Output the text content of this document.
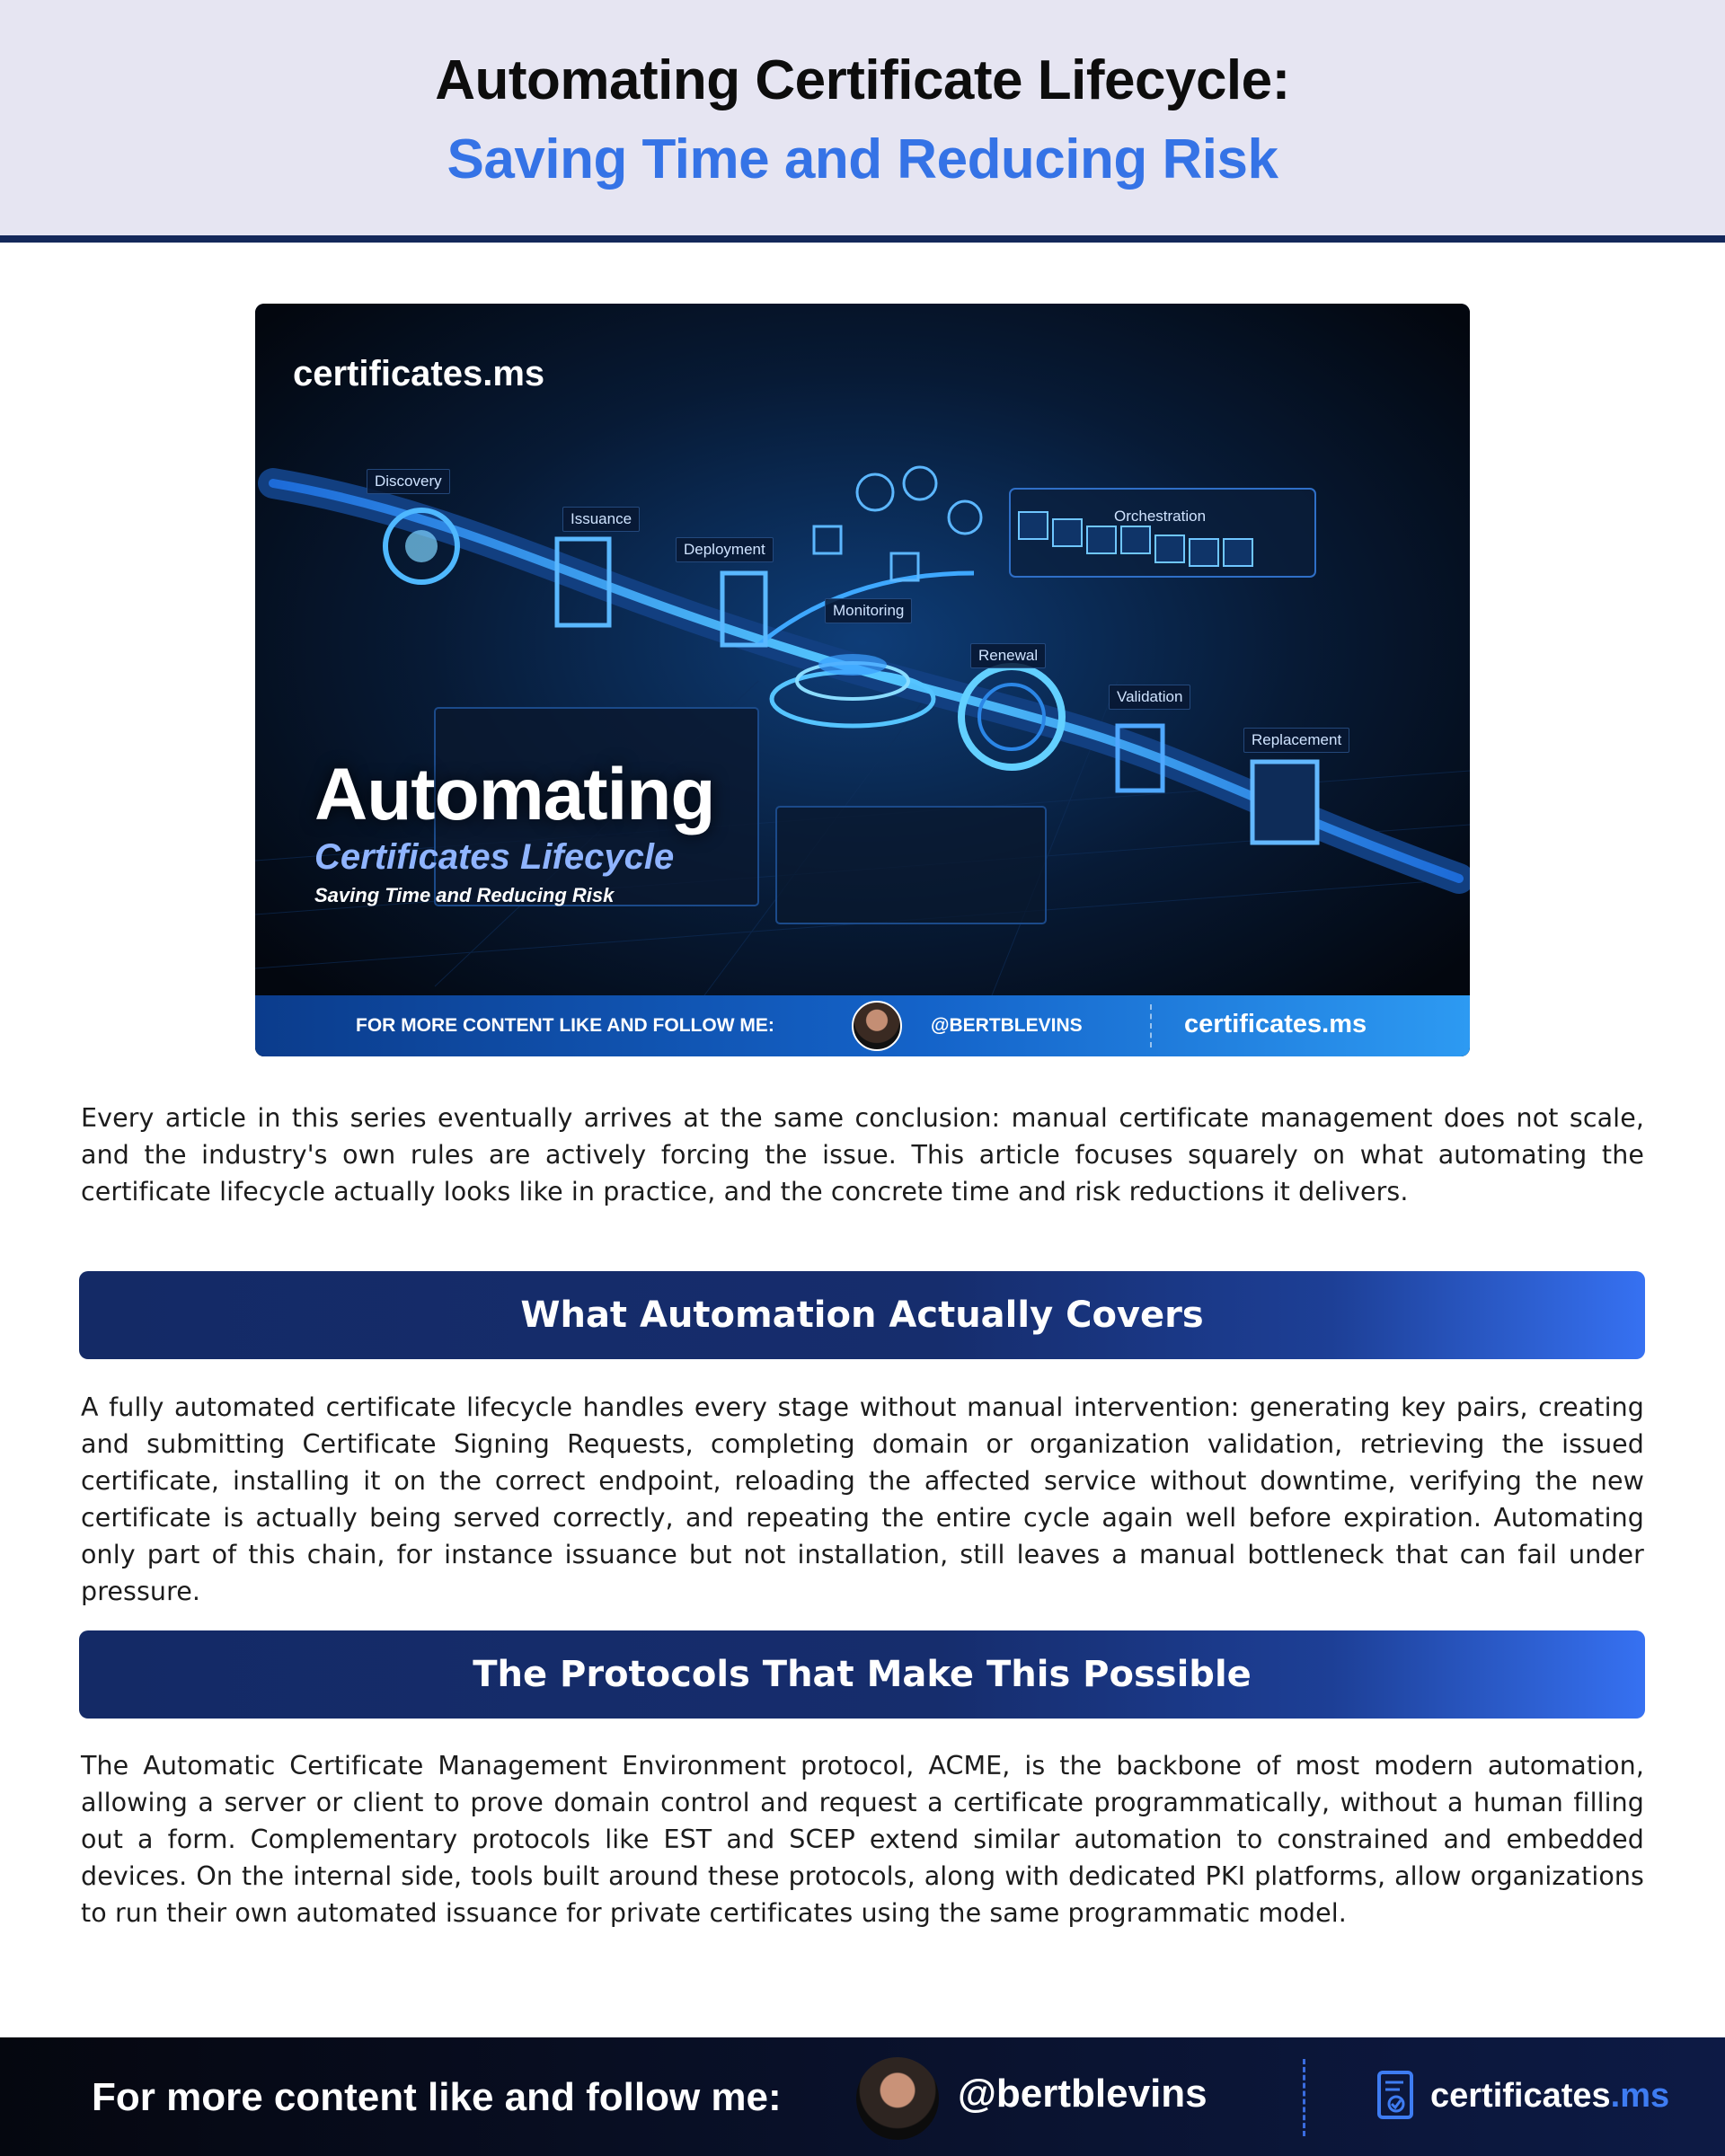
Automating Certificate Lifecycle:
Saving Time and Reducing Risk
certificates.ms
Discovery
Issuance
Deployment
Monitoring
Renewal
Validation
Replacement
Orchestration
Automating
Certificates Lifecycle
Saving Time and Reducing Risk
FOR MORE CONTENT LIKE AND FOLLOW ME:	@BERTBLEVINS	certificates.ms

Every article in this series eventually arrives at the same conclusion: manual certificate management does not scale, and the industry's own rules are actively forcing the issue. This article focuses squarely on what automating the certificate lifecycle actually looks like in practice, and the concrete time and risk reductions it delivers.

What Automation Actually Covers

A fully automated certificate lifecycle handles every stage without manual intervention: generating key pairs, creating and submitting Certificate Signing Requests, completing domain or organization validation, retrieving the issued certificate, installing it on the correct endpoint, reloading the affected service without downtime, verifying the new certificate is actually being served correctly, and repeating the entire cycle again well before expiration. Automating only part of this chain, for instance issuance but not installation, still leaves a manual bottleneck that can fail under pressure.

The Protocols That Make This Possible

The Automatic Certificate Management Environment protocol, ACME, is the backbone of most modern automation, allowing a server or client to prove domain control and request a certificate programmatically, without a human filling out a form. Complementary protocols like EST and SCEP extend similar automation to constrained and embedded devices. On the internal side, tools built around these protocols, along with dedicated PKI platforms, allow organizations to run their own automated issuance for private certificates using the same programmatic model.

For more content like and follow me:	@bertblevins	certificates.ms
